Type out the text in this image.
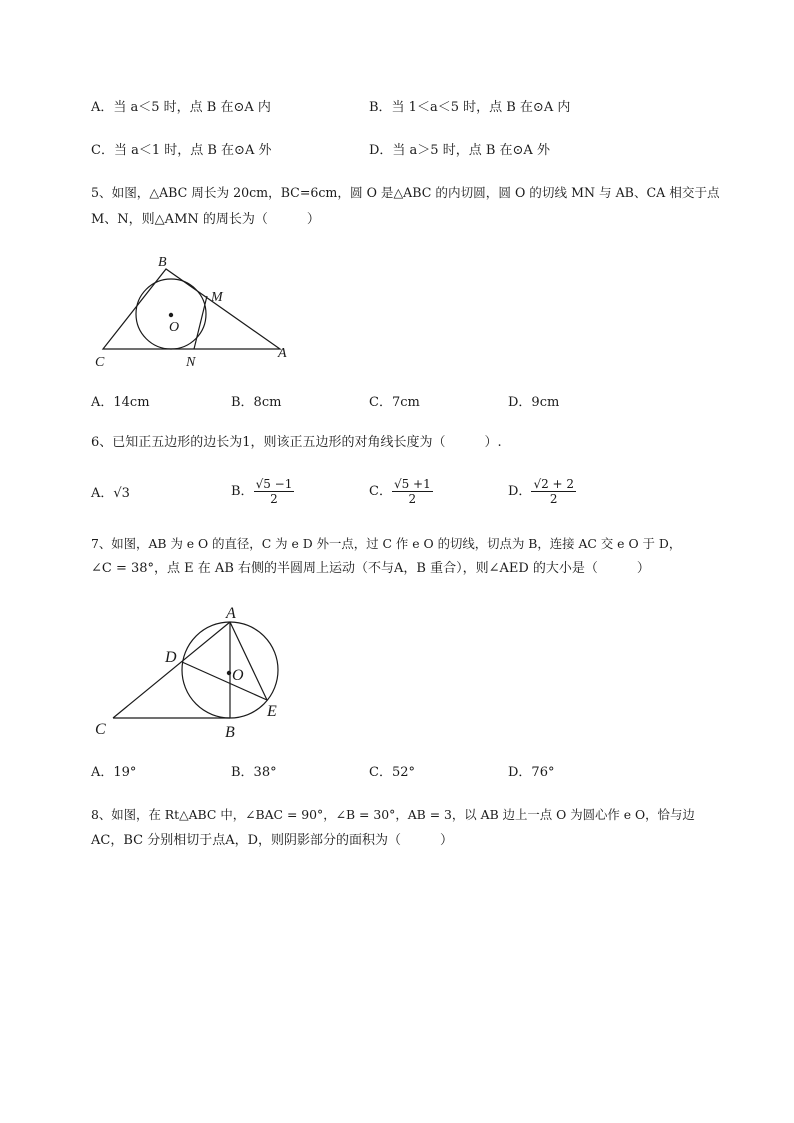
A．当 a＜5 时，点 B 在⊙A 内	B．当 1＜a＜5 时，点 B 在⊙A 内
C．当 a＜1 时，点 B 在⊙A 外	D．当 a＞5 时，点 B 在⊙A 外
5、如图，△ABC 周长为 20cm，BC=6cm，圆 O 是△ABC 的内切圆，圆 O 的切线 MN 与 AB、CA 相交于点
M、N，则△AMN 的周长为（　　　）
B
M
O
C	N
A
A．14cm	B．8cm	C．7cm	D．9cm
6、已知正五边形的边长为1，则该正五边形的对角线长度为（　　　）.
A．√3	B． $\frac{√5 -1}{2}$	C． $\frac{√5 +1}{2}$	D． $\frac{√2 + 2}{2}$
7、如图，AB 为 e O 的直径，C 为 e D 外一点，过 C 作 e O 的切线，切点为 B，连接 AC 交 e O 于 D，
∠C = 38°，点 E 在 AB 右侧的半圆周上运动（不与A，B 重合），则∠AED 的大小是（　　　）
A
D
O
C	B
E
A．19°	B．38°	C．52°	D．76°
8、如图，在 Rt△ABC 中，∠BAC = 90°，∠B = 30°，AB = 3，以 AB 边上一点 O 为圆心作 e O，恰与边
AC，BC 分别相切于点A，D，则阴影部分的面积为（　　　）
